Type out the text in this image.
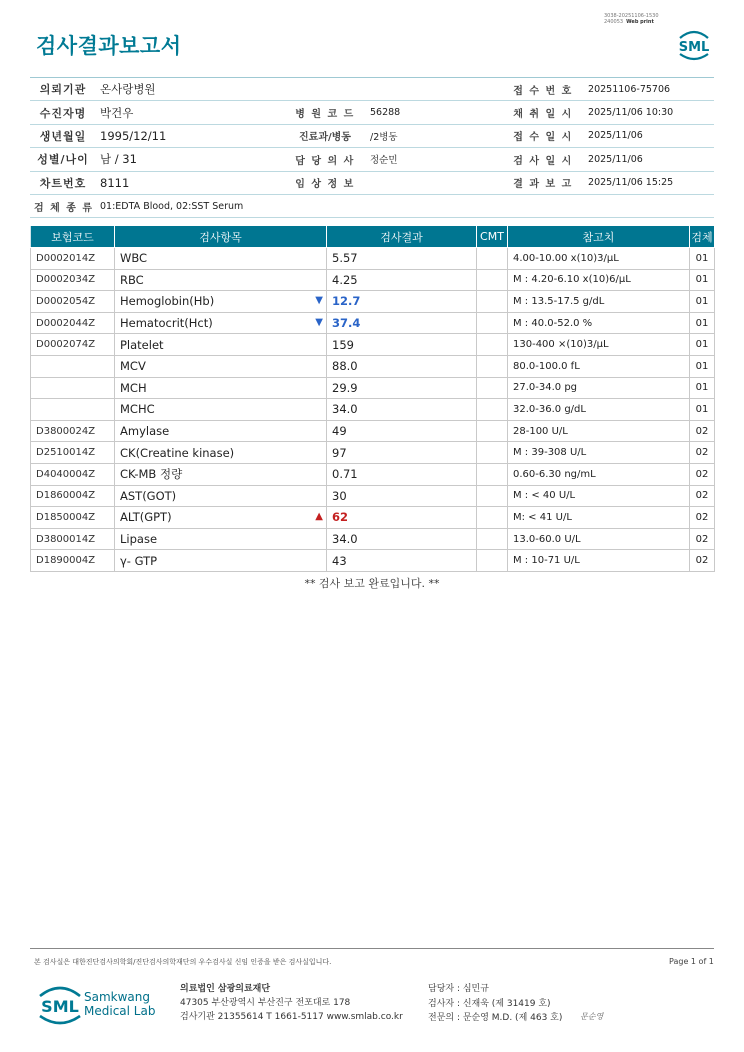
3038-20251106-1530
240053 Web print
검사결과보고서	SML
의뢰기관	온사랑병원			접 수 번 호	20251106-75706
수진자명	박건우	병 원 코 드	56288	채 취 일 시	2025/11/06 10:30
생년월일	1995/12/11	진료과/병동	/2병동	접 수 일 시	2025/11/06
성별/나이	남 / 31	담 당 의 사	정순민	검 사 일 시	2025/11/06
차트번호	8111	임 상 정 보		결 과 보 고	2025/11/06 15:25
검 체 종 류	01:EDTA Blood, 02:SST Serum				
보험코드	검사항목	검사결과	CMT	참고치	검체
D0002014Z	WBC	5.57		4.00-10.00 x(10)3/μL	01
D0002034Z	RBC	4.25		M : 4.20-6.10 x(10)6/μL	01
D0002054Z	Hemoglobin(Hb) ▼	12.7		M : 13.5-17.5 g/dL	01
D0002044Z	Hematocrit(Hct) ▼	37.4		M : 40.0-52.0 %	01
D0002074Z	Platelet	159		130-400 ×(10)3/μL	01
	MCV	88.0		80.0-100.0 fL	01
	MCH	29.9		27.0-34.0 pg	01
	MCHC	34.0		32.0-36.0 g/dL	01
D3800024Z	Amylase	49		28-100 U/L	02
D2510014Z	CK(Creatine kinase)	97		M : 39-308 U/L	02
D4040004Z	CK-MB 정량	0.71		0.60-6.30 ng/mL	02
D1860004Z	AST(GOT)	30		M : < 40 U/L	02
D1850004Z	ALT(GPT) ▲	62		M: < 41 U/L	02
D3800014Z	Lipase	34.0		13.0-60.0 U/L	02
D1890004Z	γ- GTP	43		M : 10-71 U/L	02
** 검사 보고 완료입니다. **
본 검사실은 대한진단검사의학회/진단검사의학재단의 우수검사실 신임 인증을 받은 검사실입니다.	Page 1 of 1
SML Samkwang
Medical Lab
의료법인 삼광의료재단
47305 부산광역시 부산진구 전포대로 178
검사기관 21355614 T 1661-5117 www.smlab.co.kr
담당자 : 심민규
검사자 : 신재욱 (제 31419 호)
전문의 : 문순영 M.D. (제 463 호) 문순영
